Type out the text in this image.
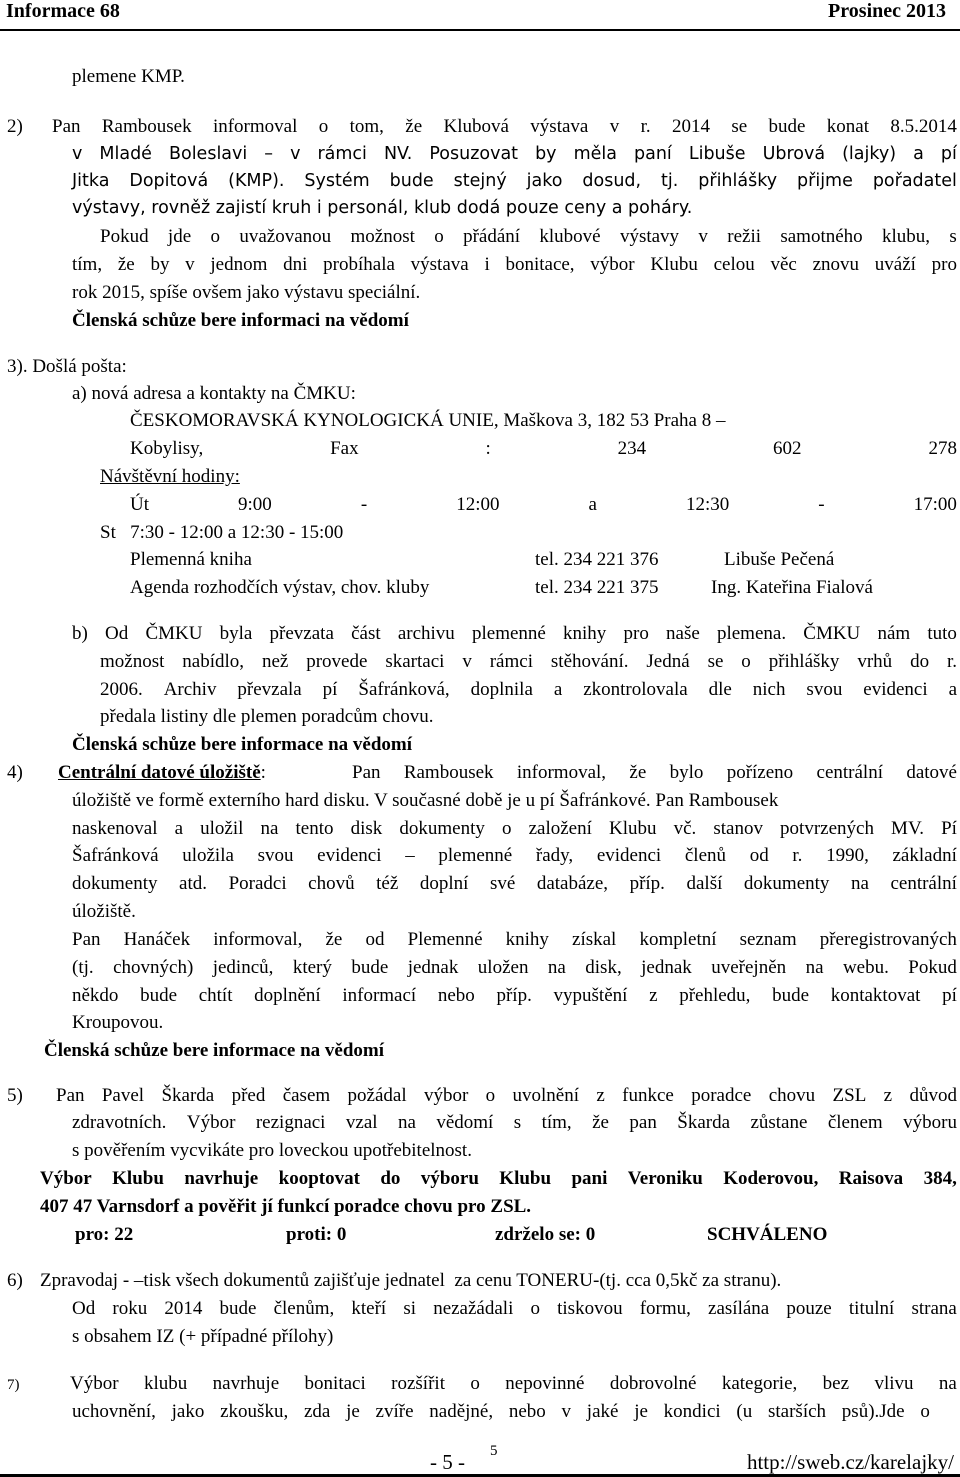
Informace 68	Prosinec 2013
plemene KMP.
2) Pan Rambousek informoval o tom, že Klubová výstava v r. 2014 se bude konat 8.5.2014
v Mladé Boleslavi – v rámci NV. Posuzovat by měla paní Libuše Ubrová (lajky) a pí
Jitka Dopitová (KMP). Systém bude stejný jako dosud, tj. přihlášky přijme pořadatel
výstavy, rovněž zajistí kruh i personál, klub dodá pouze ceny a poháry.
Pokud jde o uvažovanou možnost o přádání klubové výstavy v režii samotného klubu, s
tím, že by v jednom dni probíhala výstava i bonitace, výbor Klubu celou věc znovu uváží pro
rok 2015, spíše ovšem jako výstavu speciální.
Členská schůze bere informaci na vědomí
3). Došlá pošta:
a) nová adresa a kontakty na ČMKU:
ČESKOMORAVSKÁ KYNOLOGICKÁ UNIE, Maškova 3, 182 53 Praha 8 –
Kobylisy,	Fax	:	234	602	278
Návštěvní hodiny:
Út	9:00	-	12:00	a	12:30	-	17:00
St   7:30 - 12:00 a 12:30 - 15:00
Plemenná kniha	tel. 234 221 376	Libuše Pečená
Agenda rozhodčích výstav, chov. kluby	tel. 234 221 375	Ing. Kateřina Fialová
b) Od ČMKU byla převzata část archivu plemenné knihy pro naše plemena. ČMKU nám tuto
možnost nabídlo, než provede skartaci v rámci stěhování. Jedná se o přihlášky vrhů do r.
2006. Archiv převzala pí Šafránková, doplnila a zkontrolovala dle nich svou evidenci a
předala listiny dle plemen poradcům chovu.
Členská schůze bere informace na vědomí
4) Centrální datové úložiště:	Pan Rambousek informoval, že bylo pořízeno centrální datové
úložiště ve formě externího hard disku. V současné době je u pí Šafránkové. Pan Rambousek
naskenoval a uložil na tento disk dokumenty o založení Klubu vč. stanov potvrzených MV. Pí
Šafránková uložila svou evidenci – plemenné řady, evidenci členů od r. 1990, základní
dokumenty atd. Poradci chovů též doplní své databáze, příp. další dokumenty na centrální
úložiště.
Pan Hanáček informoval, že od Plemenné knihy získal kompletní seznam přeregistrovaných
(tj. chovných) jedinců, který bude jednak uložen na disk, jednak uveřejněn na webu. Pokud
někdo bude chtít doplnění informací nebo příp. vypuštění z přehledu, bude kontaktovat pí
Kroupovou.
Členská schůze bere informace na vědomí
5) Pan Pavel Škarda před časem požádal výbor o uvolnění z funkce poradce chovu ZSL z důvod
zdravotních. Výbor rezignaci vzal na vědomí s tím, že pan Škarda zůstane členem výboru
s pověřením vycvikáte pro loveckou upotřebitelnost.
Výbor Klubu navrhuje kooptovat do výboru Klubu pani Veroniku Koderovou, Raisova 384,
407 47 Varnsdorf a pověřit jí funkcí poradce chovu pro ZSL.
pro: 22	proti: 0	zdrželo se: 0	SCHVÁLENO
6) Zpravodaj - –tisk všech dokumentů zajišťuje jednatel  za cenu TONERU-(tj. cca 0,5kč za stranu).
Od roku 2014 bude členům, kteří si nezažádali o tiskovou formu, zasílána pouze titulní strana
s obsahem IZ (+ případné přílohy)
7)	Výbor klubu navrhuje bonitaci rozšířit o nepovinné dobrovolné kategorie, bez vlivu na
uchovnění, jako zkoušku, zda je zvíře nadějné, nebo v jaké je kondici (u starších psů).Jde o
- 5 - 5	http://sweb.cz/karelajky/
